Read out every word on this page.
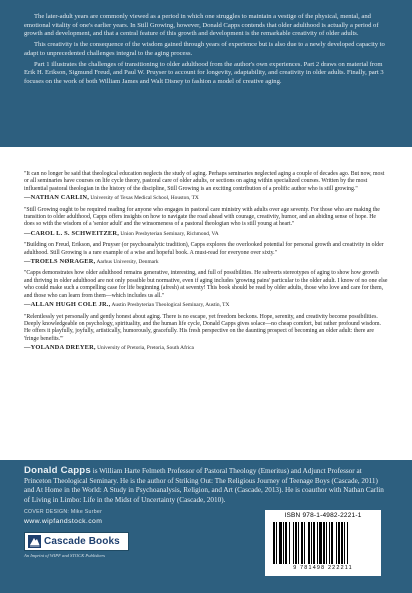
The later-adult years are commonly viewed as a period in which one struggles to maintain a vestige of the physical, mental, and emotional vitality of one's earlier years. In Still Growing, however, Donald Capps contends that older adulthood is actually a period of growth and development, and that a central feature of this growth and development is the remarkable creativity of older adults.

This creativity is the consequence of the wisdom gained through years of experience but is also due to a newly developed capacity to adapt to unprecedented challenges integral to the aging process.

Part 1 illustrates the challenges of transitioning to older adulthood from the author's own experiences. Part 2 draws on material from Erik H. Erikson, Sigmund Freud, and Paul W. Pruyser to account for longevity, adaptability, and creativity in older adults. Finally, part 3 focuses on the work of both William James and Walt Disney to fashion a model of creative aging.

"It can no longer be said that theological education neglects the study of aging. Perhaps seminaries neglected aging a couple of decades ago. But now, most or all seminaries have courses on life cycle theory, pastoral care of older adults, or sections on aging within specialized courses. Written by the most influential pastoral theologian in the history of the discipline, Still Growing is an exciting contribution of a prolific author who is still growing."

—NATHAN CARLIN, University of Texas Medical School, Houston, TX

"Still Growing ought to be required reading for anyone who engages in pastoral care ministry with adults over age seventy. For those who are making the transition to older adulthood, Capps offers insights on how to navigate the road ahead with courage, creativity, humor, and an abiding sense of hope. He does so with the wisdom of a 'senior adult' and the winsomeness of a pastoral theologian who is still young at heart."

—CAROL L. S. SCHWEITZER, Union Presbyterian Seminary, Richmond, VA

"Building on Freud, Erikson, and Pruyser (or psychoanalytic tradition), Capps explores the overlooked potential for personal growth and creativity in older adulthood. Still Growing is a rare example of a wise and hopeful book. A must-read for everyone over sixty."

—TROELS NØRAGER, Aarhus University, Denmark

"Capps demonstrates how older adulthood remains generative, interesting, and full of possibilities. He subverts stereotypes of aging to show how growth and thriving in older adulthood are not only possible but normative, even if aging includes 'growing pains' particular to the older adult. I know of no one else who could make such a compelling case for life beginning (afresh) at seventy! This book should be read by older adults, those who love and care for them, and those who can learn from them—which includes us all."

—ALLAN HUGH COLE JR., Austin Presbyterian Theological Seminary, Austin, TX

"Relentlessly yet personally and gently honest about aging. There is no escape, yet freedom beckons. Hope, serenity, and creativity become possibilities. Deeply knowledgeable on psychology, spirituality, and the human life cycle, Donald Capps gives solace—no cheap comfort, but rather profound wisdom. He offers it playfully, joyfully, artistically, humorously, gracefully. His fresh perspective on the daunting prospect of becoming an older adult: there are 'fringe benefits.'"

—YOLANDA DREYER, University of Pretoria, Pretoria, South Africa

Donald Capps is William Harte Felmeth Professor of Pastoral Theology (Emeritus) and Adjunct Professor at Princeton Theological Seminary. He is the author of Striking Out: The Religious Journey of Teenage Boys (Cascade, 2011) and At Home in the World: A Study in Psychoanalysis, Religion, and Art (Cascade, 2013). He is coauthor with Nathan Carlin of Living in Limbo: Life in the Midst of Uncertainty (Cascade, 2010).

COVER DESIGN: Mike Surber
www.wipfandstock.com
Cascade Books
An Imprint of WIPF and STOCK Publishers
ISBN 978-1-4982-2221-1
9 781498 222211
